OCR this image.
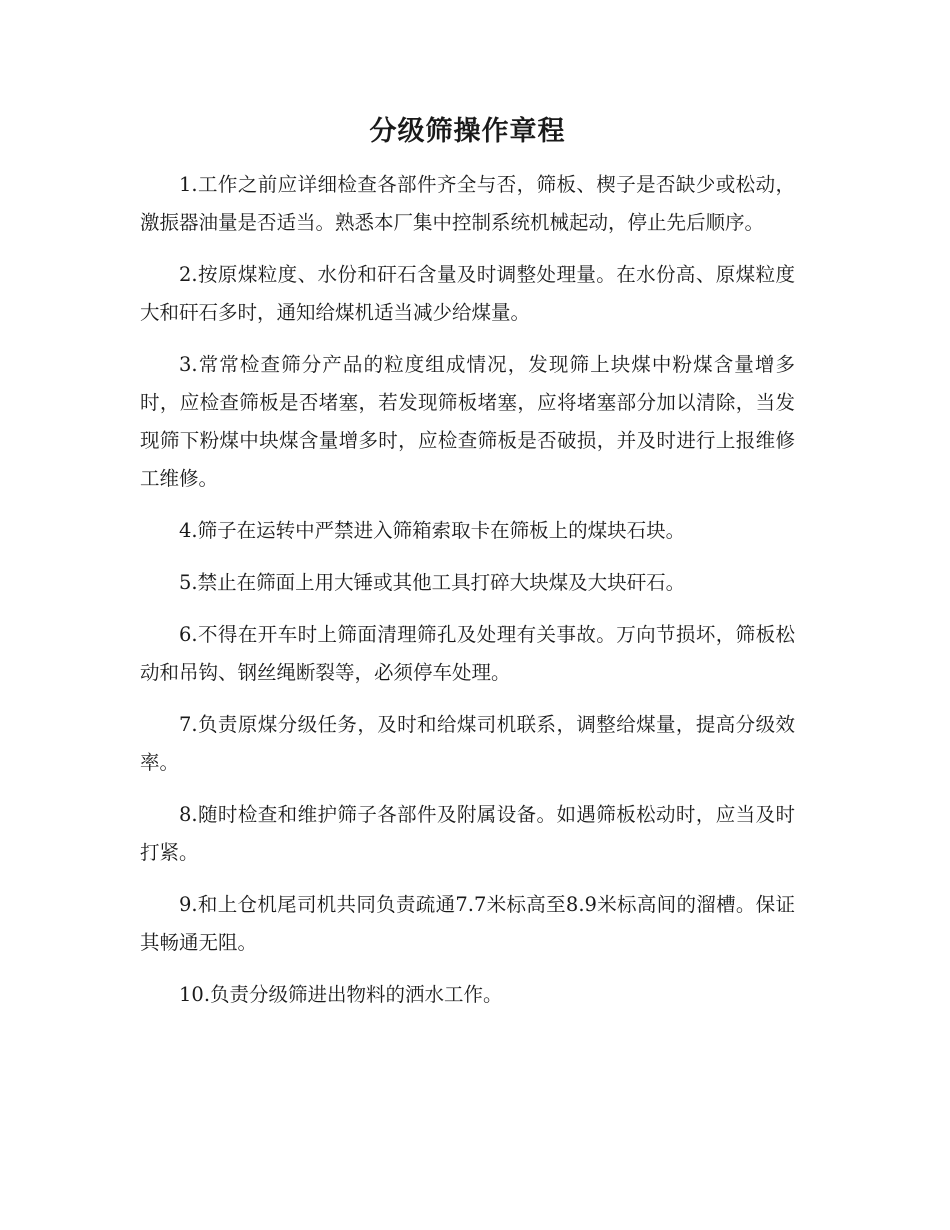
分级筛操作章程

1.工作之前应详细检查各部件齐全与否，筛板、楔子是否缺少或松动，激振器油量是否适当。熟悉本厂集中控制系统机械起动，停止先后顺序。

2.按原煤粒度、水份和矸石含量及时调整处理量。在水份高、原煤粒度大和矸石多时，通知给煤机适当减少给煤量。

3.常常检查筛分产品的粒度组成情况，发现筛上块煤中粉煤含量增多时，应检查筛板是否堵塞，若发现筛板堵塞，应将堵塞部分加以清除，当发现筛下粉煤中块煤含量增多时，应检查筛板是否破损，并及时进行上报维修工维修。

4.筛子在运转中严禁进入筛箱索取卡在筛板上的煤块石块。

5.禁止在筛面上用大锤或其他工具打碎大块煤及大块矸石。

6.不得在开车时上筛面清理筛孔及处理有关事故。万向节损坏，筛板松动和吊钩、钢丝绳断裂等，必须停车处理。

7.负责原煤分级任务，及时和给煤司机联系，调整给煤量，提高分级效率。

8.随时检查和维护筛子各部件及附属设备。如遇筛板松动时，应当及时打紧。

9.和上仓机尾司机共同负责疏通7.7米标高至8.9米标高间的溜槽。保证其畅通无阻。

10.负责分级筛进出物料的洒水工作。
